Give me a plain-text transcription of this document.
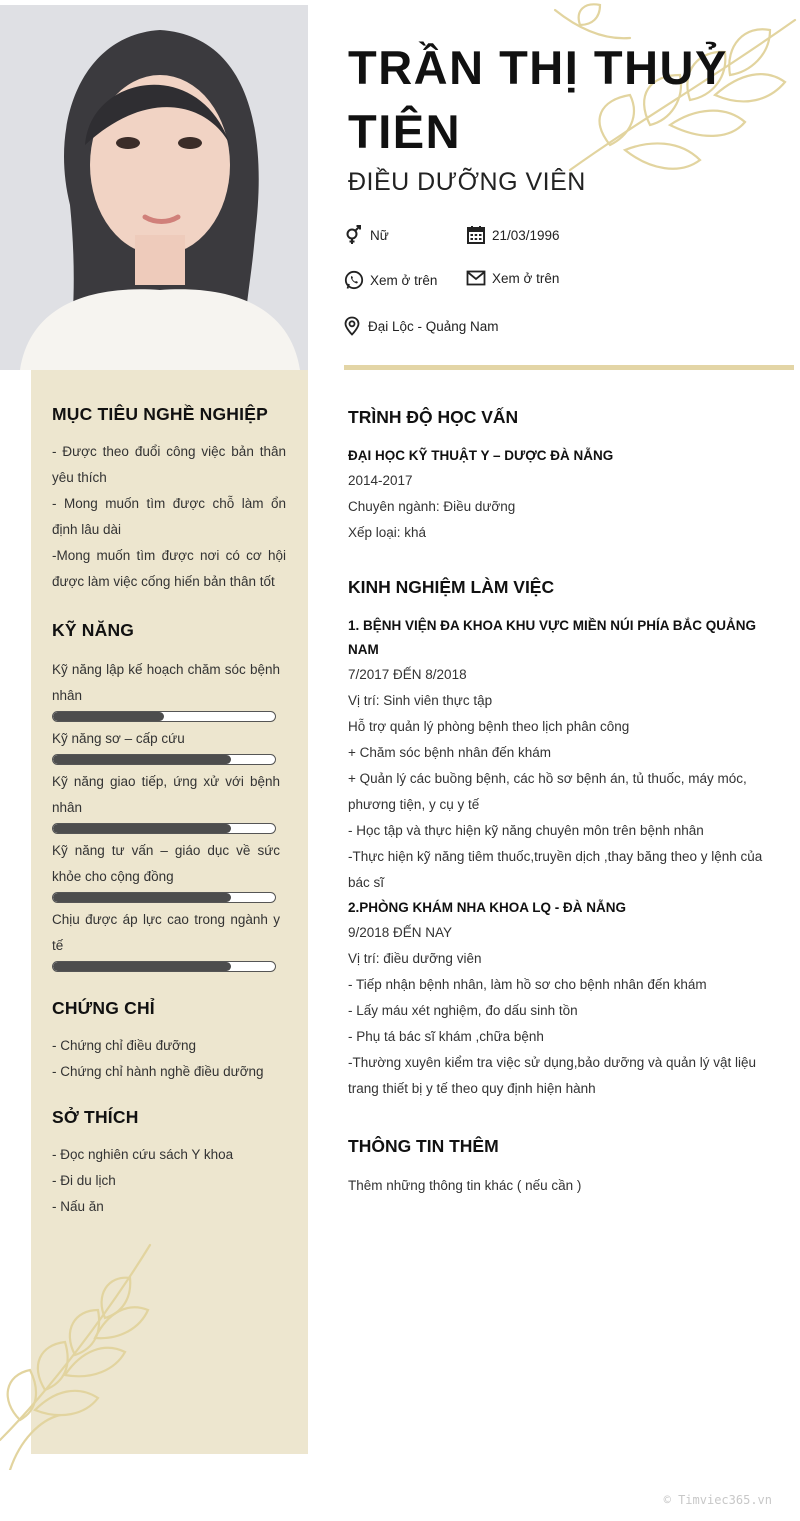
TRẦN THỊ THUỶ TIÊN
ĐIỀU DƯỠNG VIÊN
Nữ	21/03/1996
Xem ở trên	Xem ở trên
Đại Lộc - Quảng Nam
MỤC TIÊU NGHỀ NGHIỆP
- Được theo đuổi công việc bản thân yêu thích
- Mong muốn tìm được chỗ làm ổn định lâu dài
-Mong muốn tìm được nơi có cơ hội được làm việc cống hiến bản thân tốt
KỸ NĂNG
Kỹ năng lập kế hoạch chăm sóc bệnh nhân
Kỹ năng sơ – cấp cứu
Kỹ năng giao tiếp, ứng xử với bệnh nhân
Kỹ năng tư vấn – giáo dục về sức khỏe cho cộng đồng
Chịu được áp lực cao trong ngành y tế
CHỨNG CHỈ
- Chứng chỉ điều đưỡng
- Chứng chỉ hành nghề điều dưỡng
SỞ THÍCH
- Đọc nghiên cứu sách Y khoa
- Đi du lịch
- Nấu ăn
TRÌNH ĐỘ HỌC VẤN
ĐẠI HỌC KỸ THUẬT Y – DƯỢC ĐÀ NẴNG
2014-2017
Chuyên ngành: Điều dưỡng
Xếp loại: khá
KINH NGHIỆM LÀM VIỆC
1. BỆNH VIỆN ĐA KHOA KHU VỰC MIỀN NÚI PHÍA BẮC QUẢNG NAM
7/2017 ĐẾN 8/2018
Vị trí: Sinh viên thực tập
Hỗ trợ quản lý phòng bệnh theo lịch phân công
+ Chăm sóc bệnh nhân đến khám
+ Quản lý các buồng bệnh, các hồ sơ bệnh án, tủ thuốc, máy móc, phương tiện, y cụ y tế
- Học tập và thực hiện kỹ năng chuyên môn trên bệnh nhân
-Thực hiện kỹ năng tiêm thuốc,truyền dịch ,thay băng theo y lệnh của bác sĩ
2.PHÒNG KHÁM NHA KHOA LQ - ĐÀ NẴNG
9/2018 ĐẾN NAY
Vị trí: điều dưỡng viên
- Tiếp nhận bệnh nhân, làm hồ sơ cho bệnh nhân đến khám
- Lấy máu xét nghiệm, đo dấu sinh tồn
- Phụ tá bác sĩ khám ,chữa bệnh
-Thường xuyên kiểm tra việc sử dụng,bảo dưỡng và quản lý vật liệu trang thiết bị y tế theo quy định hiện hành
THÔNG TIN THÊM
Thêm những thông tin khác ( nếu cần )
© Timviec365.vn
